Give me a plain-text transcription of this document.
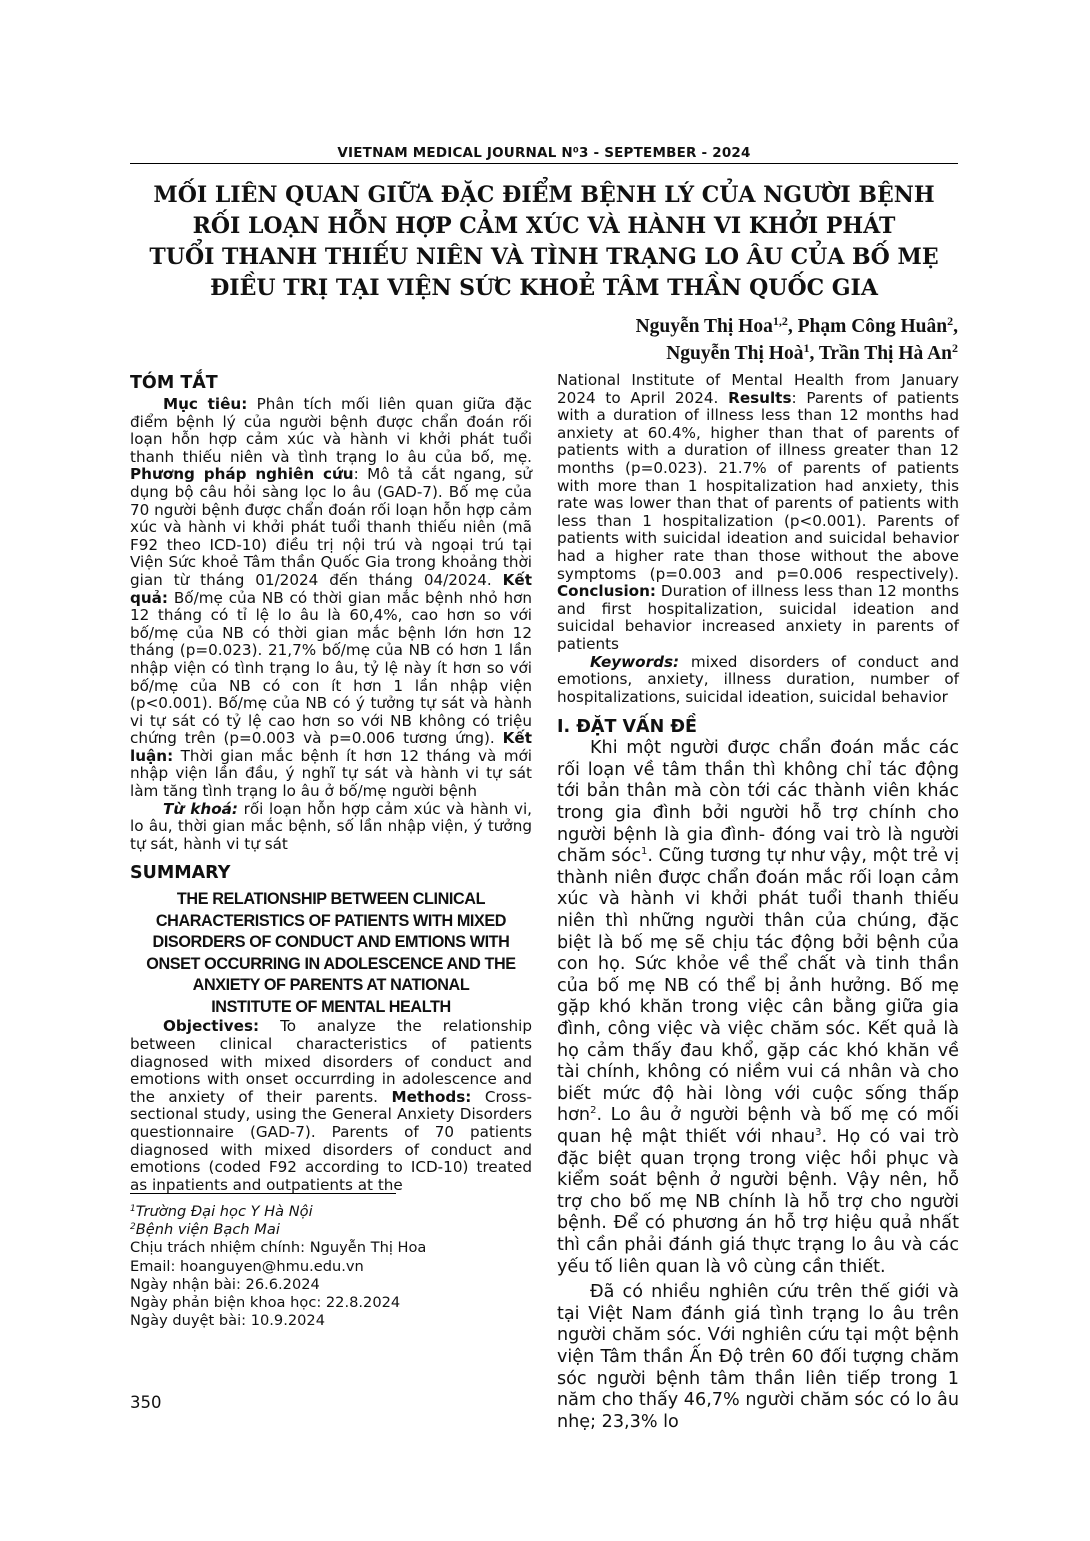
VIETNAM MEDICAL JOURNAL N⁰3 - SEPTEMBER - 2024
MỐI LIÊN QUAN GIỮA ĐẶC ĐIỂM BỆNH LÝ CỦA NGƯỜI BỆNH
RỐI LOẠN HỖN HỢP CẢM XÚC VÀ HÀNH VI KHỞI PHÁT
TUỔI THANH THIẾU NIÊN VÀ TÌNH TRẠNG LO ÂU CỦA BỐ MẸ
ĐIỀU TRỊ TẠI VIỆN SỨC KHOẺ TÂM THẦN QUỐC GIA
Nguyễn Thị Hoa$^{1,2}$, Phạm Công Huân$^2$,
Nguyễn Thị Hoà$^1$, Trần Thị Hà An$^2$

TÓM TẮT

Mục tiêu: Phân tích mối liên quan giữa đặc điểm bệnh lý của người bệnh được chẩn đoán rối loạn hỗn hợp cảm xúc và hành vi khởi phát tuổi thanh thiếu niên và tình trạng lo âu của bố, mẹ. Phương pháp nghiên cứu: Mô tả cắt ngang, sử dụng bộ câu hỏi sàng lọc lo âu (GAD-7). Bố mẹ của 70 người bệnh được chẩn đoán rối loạn hỗn hợp cảm xúc và hành vi khởi phát tuổi thanh thiếu niên (mã F92 theo ICD-10) điều trị nội trú và ngoại trú tại Viện Sức khoẻ Tâm thần Quốc Gia trong khoảng thời gian từ tháng 01/2024 đến tháng 04/2024. Kết quả: Bố/mẹ của NB có thời gian mắc bệnh nhỏ hơn 12 tháng có tỉ lệ lo âu là 60,4%, cao hơn so với bố/mẹ của NB có thời gian mắc bệnh lớn hơn 12 tháng (p=0.023). 21,7% bố/mẹ của NB có hơn 1 lần nhập viện có tình trạng lo âu, tỷ lệ này ít hơn so với bố/mẹ của NB có con ít hơn 1 lần nhập viện (p<0.001). Bố/mẹ của NB có ý tưởng tự sát và hành vi tự sát có tỷ lệ cao hơn so với NB không có triệu chứng trên (p=0.003 và p=0.006 tương ứng). Kết luận: Thời gian mắc bệnh ít hơn 12 tháng và mới nhập viện lần đầu, ý nghĩ tự sát và hành vi tự sát làm tăng tình trạng lo âu ở bố/mẹ người bệnh

Từ khoá: rối loạn hỗn hợp cảm xúc và hành vi, lo âu, thời gian mắc bệnh, số lần nhập viện, ý tưởng tự sát, hành vi tự sát

SUMMARY

THE RELATIONSHIP BETWEEN CLINICAL
CHARACTERISTICS OF PATIENTS WITH MIXED
DISORDERS OF CONDUCT AND EMTIONS WITH
ONSET OCCURRING IN ADOLESCENCE AND THE
ANXIETY OF PARENTS AT NATIONAL
INSTITUTE OF MENTAL HEALTH

Objectives: To analyze the relationship between clinical characteristics of patients diagnosed with mixed disorders of conduct and emotions with onset occurrding in adolescence and the anxiety of their parents. Methods: Cross-sectional study, using the General Anxiety Disorders questionnaire (GAD-7). Parents of 70 patients diagnosed with mixed disorders of conduct and emotions (coded F92 according to ICD-10) treated as inpatients and outpatients at the

$^1$Trường Đại học Y Hà Nội

$^2$Bệnh viện Bạch Mai

Chịu trách nhiệm chính: Nguyễn Thị Hoa

Email: hoanguyen@hmu.edu.vn

Ngày nhận bài: 26.6.2024

Ngày phản biện khoa học: 22.8.2024

Ngày duyệt bài: 10.9.2024

350

National Institute of Mental Health from January 2024 to April 2024. Results: Parents of patients with a duration of illness less than 12 months had anxiety at 60.4%, higher than that of parents of patients with a duration of illness greater than 12 months (p=0.023). 21.7% of parents of patients with more than 1 hospitalization had anxiety, this rate was lower than that of parents of patients with less than 1 hospitalization (p<0.001). Parents of patients with suicidal ideation and suicidal behavior had a higher rate than those without the above symptoms (p=0.003 and p=0.006 respectively). Conclusion: Duration of illness less than 12 months and first hospitalization, suicidal ideation and suicidal behavior increased anxiety in parents of patients

Keywords: mixed disorders of conduct and emotions, anxiety, illness duration, number of hospitalizations, suicidal ideation, suicidal behavior

I. ĐẶT VẤN ĐỀ

Khi một người được chẩn đoán mắc các rối loạn về tâm thần thì không chỉ tác động tới bản thân mà còn tới các thành viên khác trong gia đình bởi người hỗ trợ chính cho người bệnh là gia đình- đóng vai trò là người chăm sóc$^1$. Cũng tương tự như vậy, một trẻ vị thành niên được chẩn đoán mắc rối loạn cảm xúc và hành vi khởi phát tuổi thanh thiếu niên thì những người thân của chúng, đặc biệt là bố mẹ sẽ chịu tác động bởi bệnh của con họ. Sức khỏe về thể chất và tinh thần của bố mẹ NB có thể bị ảnh hưởng. Bố mẹ gặp khó khăn trong việc cân bằng giữa gia đình, công việc và việc chăm sóc. Kết quả là họ cảm thấy đau khổ, gặp các khó khăn về tài chính, không có niềm vui cá nhân và cho biết mức độ hài lòng với cuộc sống thấp hơn$^2$. Lo âu ở người bệnh và bố mẹ có mối quan hệ mật thiết với nhau$^3$. Họ có vai trò đặc biệt quan trọng trong việc hồi phục và kiểm soát bệnh ở người bệnh. Vậy nên, hỗ trợ cho bố mẹ NB chính là hỗ trợ cho người bệnh. Để có phương án hỗ trợ hiệu quả nhất thì cần phải đánh giá thực trạng lo âu và các yếu tố liên quan là vô cùng cần thiết.

Đã có nhiều nghiên cứu trên thế giới và tại Việt Nam đánh giá tình trạng lo âu trên người chăm sóc. Với nghiên cứu tại một bệnh viện Tâm thần Ấn Độ trên 60 đối tượng chăm sóc người bệnh tâm thần liên tiếp trong 1 năm cho thấy 46,7% người chăm sóc có lo âu nhẹ; 23,3% lo
